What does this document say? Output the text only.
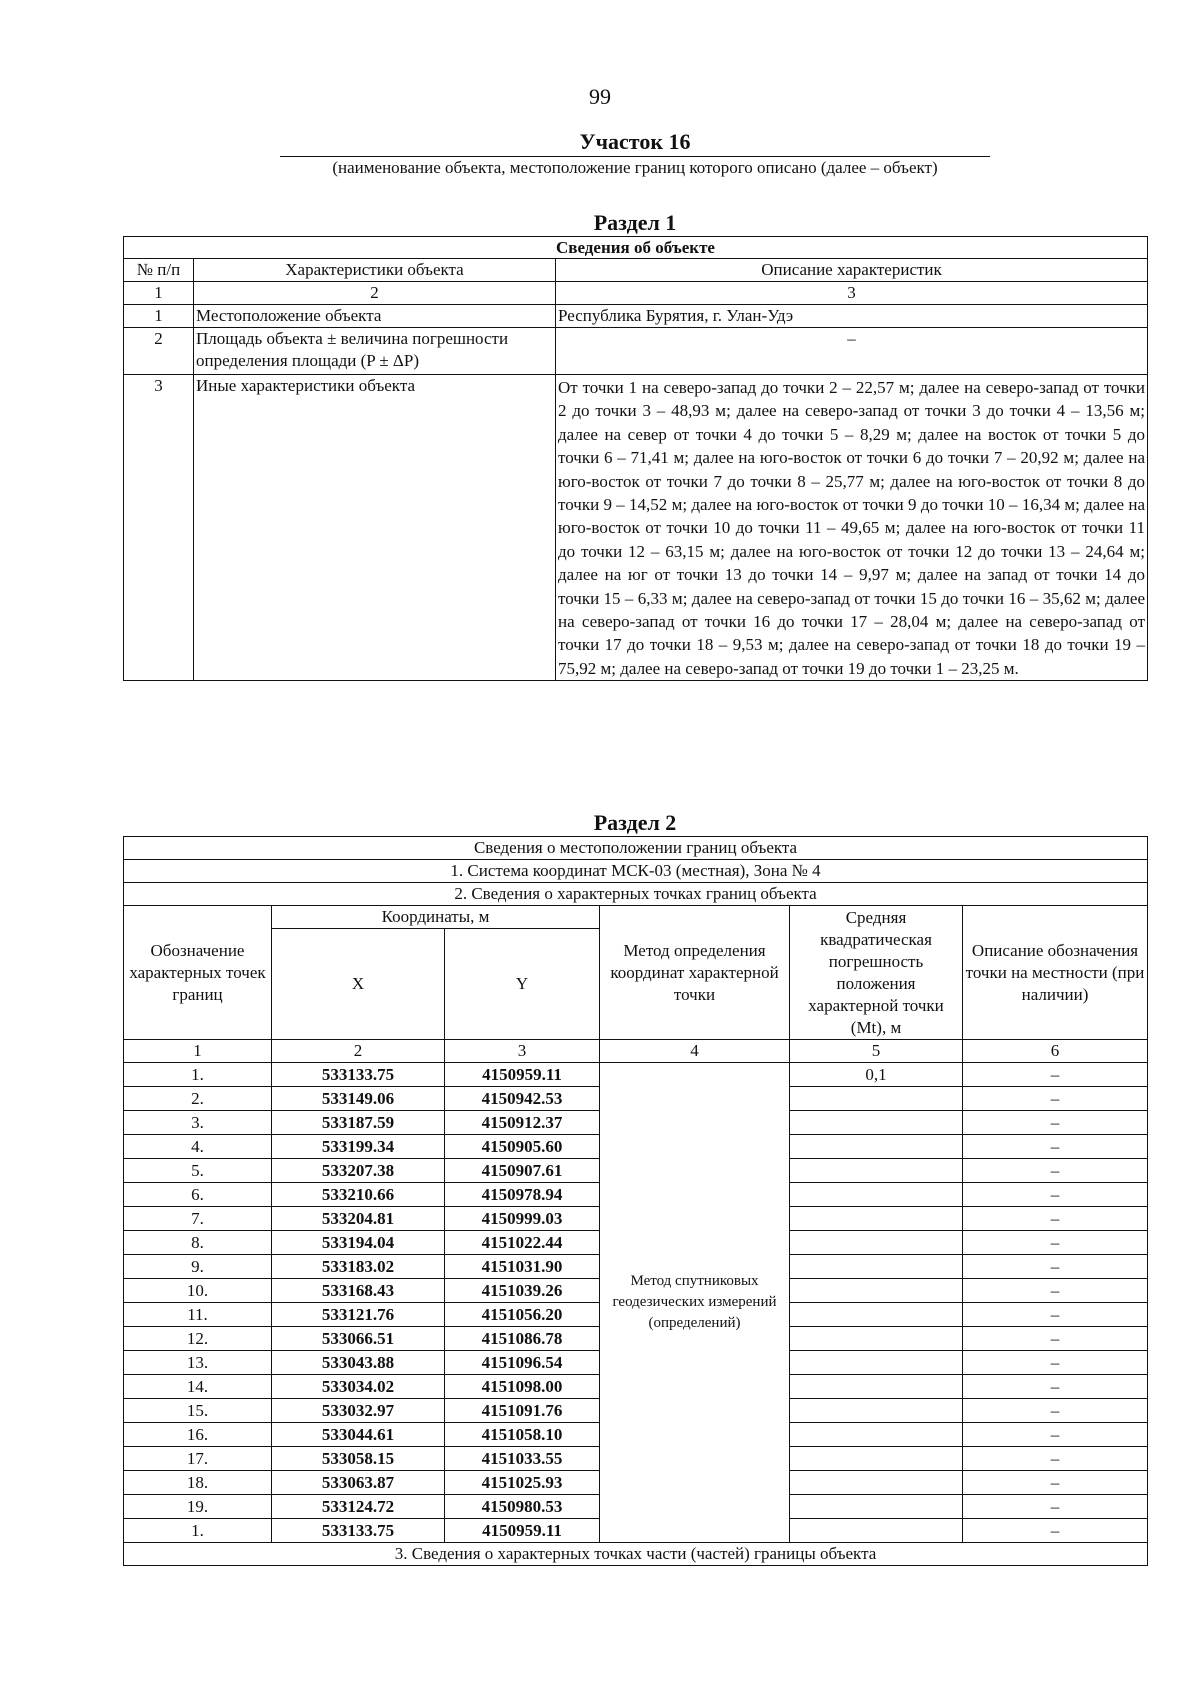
99
Участок 16
(наименование объекта, местоположение границ которого описано (далее – объект)
Раздел 1
Сведения об объекте		
№ п/п	Характеристики объекта	Описание характеристик
1	2	3
1	Местоположение объекта	Республика Бурятия, г. Улан-Удэ
2	Площадь объекта ± величина погрешности определения площади (P ± ΔP)	–
3	Иные характеристики объекта	От точки 1 на северо-запад до точки 2 – 22,57 м; далее на северо-запад от точки 2 до точки 3 – 48,93 м; далее на северо-запад от точки 3 до точки 4 – 13,56 м; далее на север от точки 4 до точки 5 – 8,29 м; далее на восток от точки 5 до точки 6 – 71,41 м; далее на юго-восток от точки 6 до точки 7 – 20,92 м; далее на юго-восток от точки 7 до точки 8 – 25,77 м; далее на юго-восток от точки 8 до точки 9 – 14,52 м; далее на юго-восток от точки 9 до точки 10 – 16,34 м; далее на юго-восток от точки 10 до точки 11 – 49,65 м; далее на юго-восток от точки 11 до точки 12 – 63,15 м; далее на юго-восток от точки 12 до точки 13 – 24,64 м; далее на юг от точки 13 до точки 14 – 9,97 м; далее на запад от точки 14 до точки 15 – 6,33 м; далее на северо-запад от точки 15 до точки 16 – 35,62 м; далее на северо-запад от точки 16 до точки 17 – 28,04 м; далее на северо-запад от точки 17 до точки 18 – 9,53 м; далее на северо-запад от точки 18 до точки 19 – 75,92 м; далее на северо-запад от точки 19 до точки 1 – 23,25 м.
Раздел 2
Сведения о местоположении границ объекта					
1. Система координат МСК-03 (местная), Зона № 4					
2. Сведения о характерных точках границ объекта					
Обозначение характерных точек границ	Координаты, м		Метод определения координат характерной точки	Средняя квадратическая погрешность положения характерной точки (Mt), м	Описание обозначения точки на местности (при наличии)
	X	Y			
1	2	3	4	5	6
1.	533133.75	4150959.11	Метод спутниковых геодезических измерений (определений)	0,1	–
2.	533149.06	4150942.53			–
3.	533187.59	4150912.37			–
4.	533199.34	4150905.60			–
5.	533207.38	4150907.61			–
6.	533210.66	4150978.94			–
7.	533204.81	4150999.03			–
8.	533194.04	4151022.44			–
9.	533183.02	4151031.90			–
10.	533168.43	4151039.26			–
11.	533121.76	4151056.20			–
12.	533066.51	4151086.78			–
13.	533043.88	4151096.54			–
14.	533034.02	4151098.00			–
15.	533032.97	4151091.76			–
16.	533044.61	4151058.10			–
17.	533058.15	4151033.55			–
18.	533063.87	4151025.93			–
19.	533124.72	4150980.53			–
1.	533133.75	4150959.11			–
3. Сведения о характерных точках части (частей) границы объекта					
